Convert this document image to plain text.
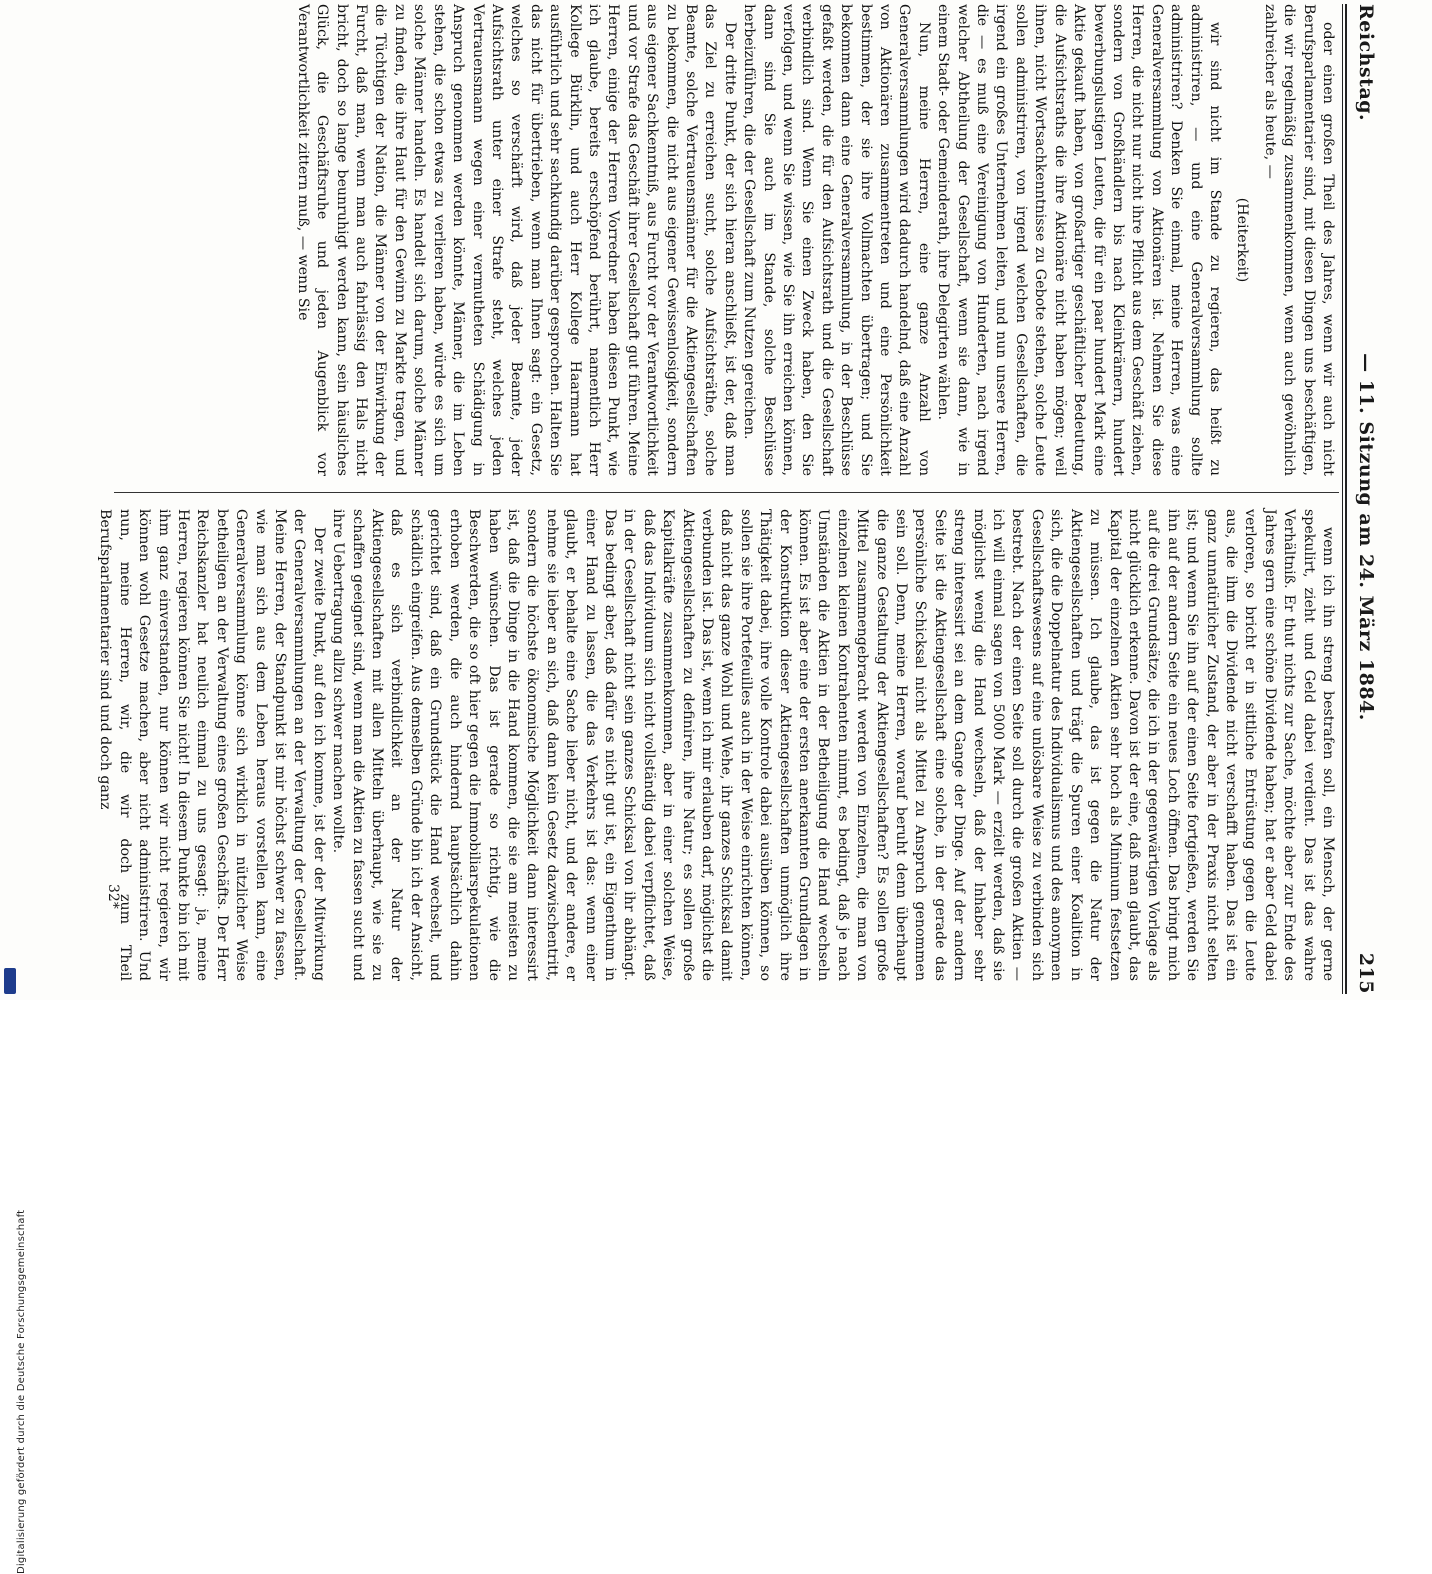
Reichstag.
— 11. Sitzung am 24. März 1884.
215

oder einen großen Theil des Jahres, wenn wir auch nicht Berufsparlamentarier sind, mit diesen Dingen uns beschäftigen, die wir regelmäßig zusammenkommen, wenn auch gewöhnlich zahlreicher als heute, —

(Heiterkeit)

wir sind nicht im Stande zu regieren, das heißt zu administriren, — und eine Generalversammlung sollte administriren? Denken Sie einmal, meine Herren, was eine Generalversammlung von Aktionären ist. Nehmen Sie diese Herren, die nicht nur nicht ihre Pflicht aus dem Geschäft ziehen, sondern von Großhändlern bis nach Kleinkrämern, hundert bewerbungslustigen Leuten, die für ein paar hundert Mark eine Aktie gekauft haben, von großartiger geschäftlicher Bedeutung, die Aufsichtsraths die ihre Aktionäre nicht haben mögen; weil ihnen, nicht Wortsachkenntnisse zu Gebote stehen, solche Leute sollen administriren, von irgend welchen Gesellschaften, die irgend ein großes Unternehmen leiten, und nun unsere Herren, die — es muß eine Vereinigung von Hunderten, nach irgend welcher Abtheilung der Gesellschaft, wenn sie dann, wie in einem Stadt- oder Gemeinderath, ihre Delegirten wählen.

Nun, meine Herren, eine ganze Anzahl von Generalversammlungen wird dadurch handelnd, daß eine Anzahl von Aktionären zusammentreten und eine Persönlichkeit bestimmen, der sie ihre Vollmachten übertragen; und Sie bekommen dann eine Generalversammlung, in der Beschlüsse gefaßt werden, die für den Aufsichtsrath und die Gesellschaft verbindlich sind. Wenn Sie einen Zweck haben, den Sie verfolgen, und wenn Sie wissen, wie Sie ihn erreichen können, dann sind Sie auch im Stande, solche Beschlüsse herbeizuführen, die der Gesellschaft zum Nutzen gereichen.

Der dritte Punkt, der sich hieran anschließt, ist der, daß man das Ziel zu erreichen sucht, solche Aufsichtsräthe, solche Beamte, solche Vertrauensmänner für die Aktiengesellschaften zu bekommen, die nicht aus eigener Gewissenlosigkeit, sondern aus eigener Sachkenntniß, aus Furcht vor der Verantwortlichkeit und vor Strafe das Geschäft ihrer Gesellschaft gut führen. Meine Herren, einige der Herren Vorredner haben diesen Punkt, wie ich glaube, bereits erschöpfend berührt, namentlich Herr Kollege Bürklin, und auch Herr Kollege Haarmann hat ausführlich und sehr sachkundig darüber gesprochen. Halten Sie das nicht für übertrieben, wenn man Ihnen sagt: ein Gesetz, welches so verschärft wird, daß jeder Beamte, jeder Aufsichtsrath unter einer Strafe steht, welches jeden Vertrauensmann wegen einer vermutheten Schädigung in Anspruch genommen werden könnte, Männer, die im Leben stehen, die schon etwas zu verlieren haben, würde es sich um solche Männer handeln. Es handelt sich darum, solche Männer zu finden, die ihre Haut für den Gewinn zu Markte tragen, und die Tüchtigen der Nation, die Männer von der Einwirkung der Furcht, daß man, wenn man auch fahrlässig den Hals nicht bricht, doch so lange beunruhigt werden kann, sein häusliches Glück, die Geschäftsruhe und jeden Augenblick vor Verantwortlichkeit zittern muß, — wenn Sie

wenn ich ihn streng bestrafen soll, ein Mensch, der gerne spekulirt, zieht und Geld dabei verdient. Das ist das wahre Verhältniß. Er thut nichts zur Sache, möchte aber zur Ende des Jahres gern eine schöne Dividende haben; hat er aber Geld dabei verloren, so bricht er in sittliche Entrüstung gegen die Leute aus, die ihm die Dividende nicht verschafft haben. Das ist ein ganz unnatürlicher Zustand, der aber in der Praxis nicht selten ist; und wenn Sie ihn auf der einen Seite fortgießen, werden Sie ihn auf der andern Seite ein neues Loch öffnen. Das bringt mich auf die drei Grundsätze, die ich in der gegenwärtigen Vorlage als nicht glücklich erkenne. Davon ist der eine, daß man glaubt, das Kapital der einzelnen Aktien sehr hoch als Minimum festsetzen zu müssen. Ich glaube, das ist gegen die Natur der Aktiengesellschaften und trägt die Spuren einer Koalition in sich, die die Doppelnatur des Individualismus und des anonymen Gesellschaftswesens auf eine unlösbare Weise zu verbinden sich bestrebt. Nach der einen Seite soll durch die großen Aktien — ich will einmal sagen von 5000 Mark — erzielt werden, daß sie möglichst wenig die Hand wechseln, daß der Inhaber sehr streng interessirt sei an dem Gange der Dinge. Auf der andern Seite ist die Aktiengesellschaft eine solche, in der gerade das persönliche Schicksal nicht als Mittel zu Anspruch genommen sein soll. Denn, meine Herren, worauf beruht denn überhaupt die ganze Gestaltung der Aktiengesellschaften? Es sollen große Mittel zusammengebracht werden von Einzelnen, die man von einzelnen kleinen Kontrahenten nimmt, es bedingt, daß je nach Umständen die Aktien in der Betheiligung die Hand wechseln können. Es ist aber eine der ersten anerkannten Grundlagen in der Konstruktion dieser Aktiengesellschaften unmöglich ihre Thätigkeit dabei, ihre volle Kontrole dabei ausüben können, so sollen sie ihre Portefeuilles auch in der Weise einrichten können, daß nicht das ganze Wohl und Wehe, ihr ganzes Schicksal damit verbunden ist. Das ist, wenn ich mir erlauben darf, möglichst die Aktiengesellschaften zu definiren, ihre Natur; es sollen große Kapitalkräfte zusammenkommen, aber in einer solchen Weise, daß das Individuum sich nicht vollständig dabei verpflichtet, daß in der Gesellschaft nicht sein ganzes Schicksal von ihr abhängt. Das bedingt aber, daß dafür es nicht gut ist, ein Eigenthum in einer Hand zu lassen, die das Verkehrs ist das: wenn einer glaubt, er behalte eine Sache lieber nicht, und der andere, er nehme sie lieber an sich, daß dann kein Gesetz dazwischentritt, sondern die höchste ökonomische Möglichkeit dann interessirt ist, daß die Dinge in die Hand kommen, die sie am meisten zu haben wünschen. Das ist gerade so richtig, wie die Beschwerden, die so oft hier gegen die Immobiliarspekulationen erhoben werden, die auch hindernd hauptsächlich dahin gerichtet sind, daß ein Grundstück die Hand wechselt, und schädlich eingreifen. Aus demselben Gründe bin ich der Ansicht, daß es sich verbindlichkeit an der Natur der Aktiengesellschaften mit allen Mitteln überhaupt, wie sie zu schaffen geeignet sind, wenn man die Aktien zu fassen sucht und ihre Uebertragung allzu schwer machen wollte.

Der zweite Punkt, auf den ich komme, ist der der Mitwirkung der Generalversammlungen an der Verwaltung der Gesellschaft. Meine Herren, der Standpunkt ist mir höchst schwer zu fassen, wie man sich aus dem Leben heraus vorstellen kann, eine Generalversammlung könne sich wirklich in nützlicher Weise betheiligen an der Verwaltung eines großen Geschäfts. Der Herr Reichskanzler hat neulich einmal zu uns gesagt: ja, meine Herren, regieren können Sie nicht! In diesem Punkte bin ich mit ihm ganz einverstanden, nur können wir nicht regieren, wir können wohl Gesetze machen, aber nicht administriren. Und nun, meine Herren, wir, die wir doch zum Theil Berufsparlamentarier sind und doch ganz

32*
Digitalisierung gefördert durch die Deutsche Forschungsgemeinschaft
